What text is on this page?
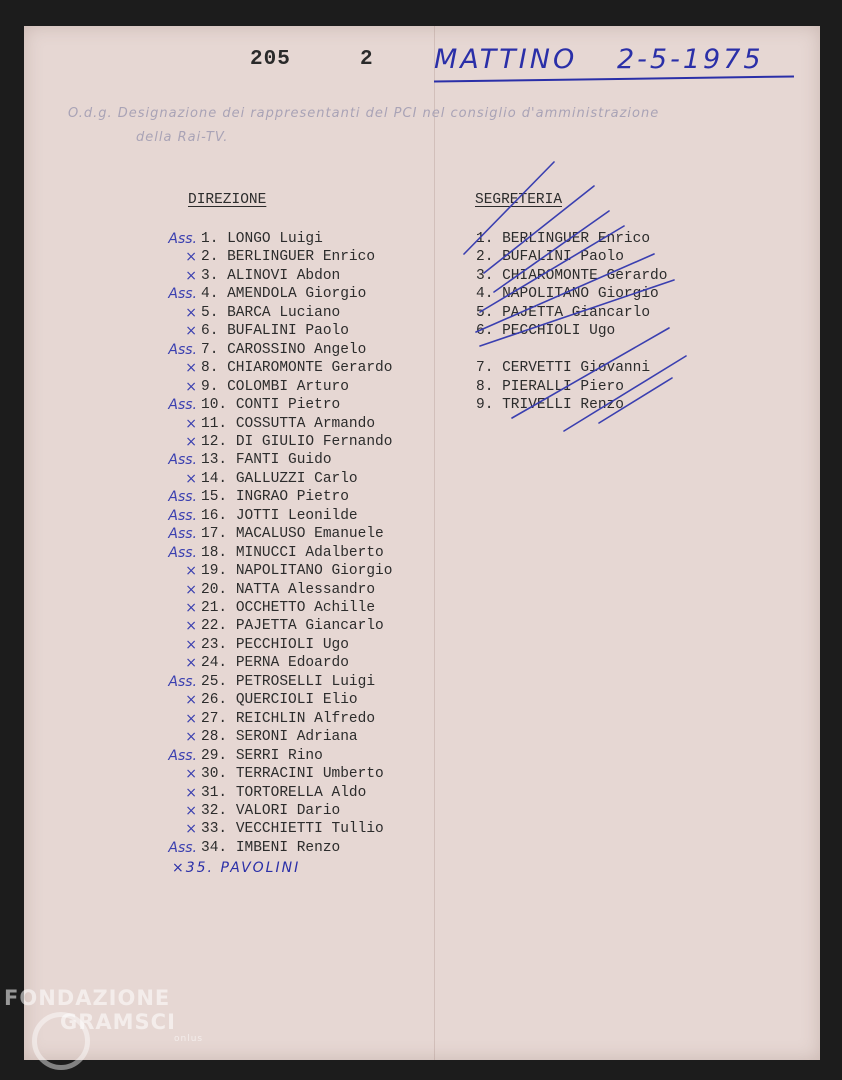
205	2 MATTINO 2-5-1975
O.d.g. Designazione dei rappresentanti del PCI nel consiglio d'amministrazione
della Rai-TV.
DIREZIONE	SEGRETERIA
Ass. 1. LONGO Luigi
× 2. BERLINGUER Enrico
× 3. ALINOVI Abdon
Ass. 4. AMENDOLA Giorgio
× 5. BARCA Luciano
× 6. BUFALINI Paolo
Ass. 7. CAROSSINO Angelo
× 8. CHIAROMONTE Gerardo
× 9. COLOMBI Arturo
Ass. 10. CONTI Pietro
× 11. COSSUTTA Armando
× 12. DI GIULIO Fernando
Ass. 13. FANTI Guido
× 14. GALLUZZI Carlo
Ass. 15. INGRAO Pietro
Ass. 16. JOTTI Leonilde
Ass. 17. MACALUSO Emanuele
Ass. 18. MINUCCI Adalberto
× 19. NAPOLITANO Giorgio
× 20. NATTA Alessandro
× 21. OCCHETTO Achille
× 22. PAJETTA Giancarlo
× 23. PECCHIOLI Ugo
× 24. PERNA Edoardo
Ass. 25. PETROSELLI Luigi
× 26. QUERCIOLI Elio
× 27. REICHLIN Alfredo
× 28. SERONI Adriana
Ass. 29. SERRI Rino
× 30. TERRACINI Umberto
× 31. TORTORELLA Aldo
× 32. VALORI Dario
× 33. VECCHIETTI Tullio
Ass. 34. IMBENI Renzo
1. BERLINGUER Enrico
2. BUFALINI Paolo
3. CHIAROMONTE Gerardo
4. NAPOLITANO Giorgio
5. PAJETTA Giancarlo
6. PECCHIOLI Ugo
7. CERVETTI Giovanni
8. PIERALLI Piero
9. TRIVELLI Renzo
×35. PAVOLINI
FONDAZIONE
GRAMSCI
onlus
